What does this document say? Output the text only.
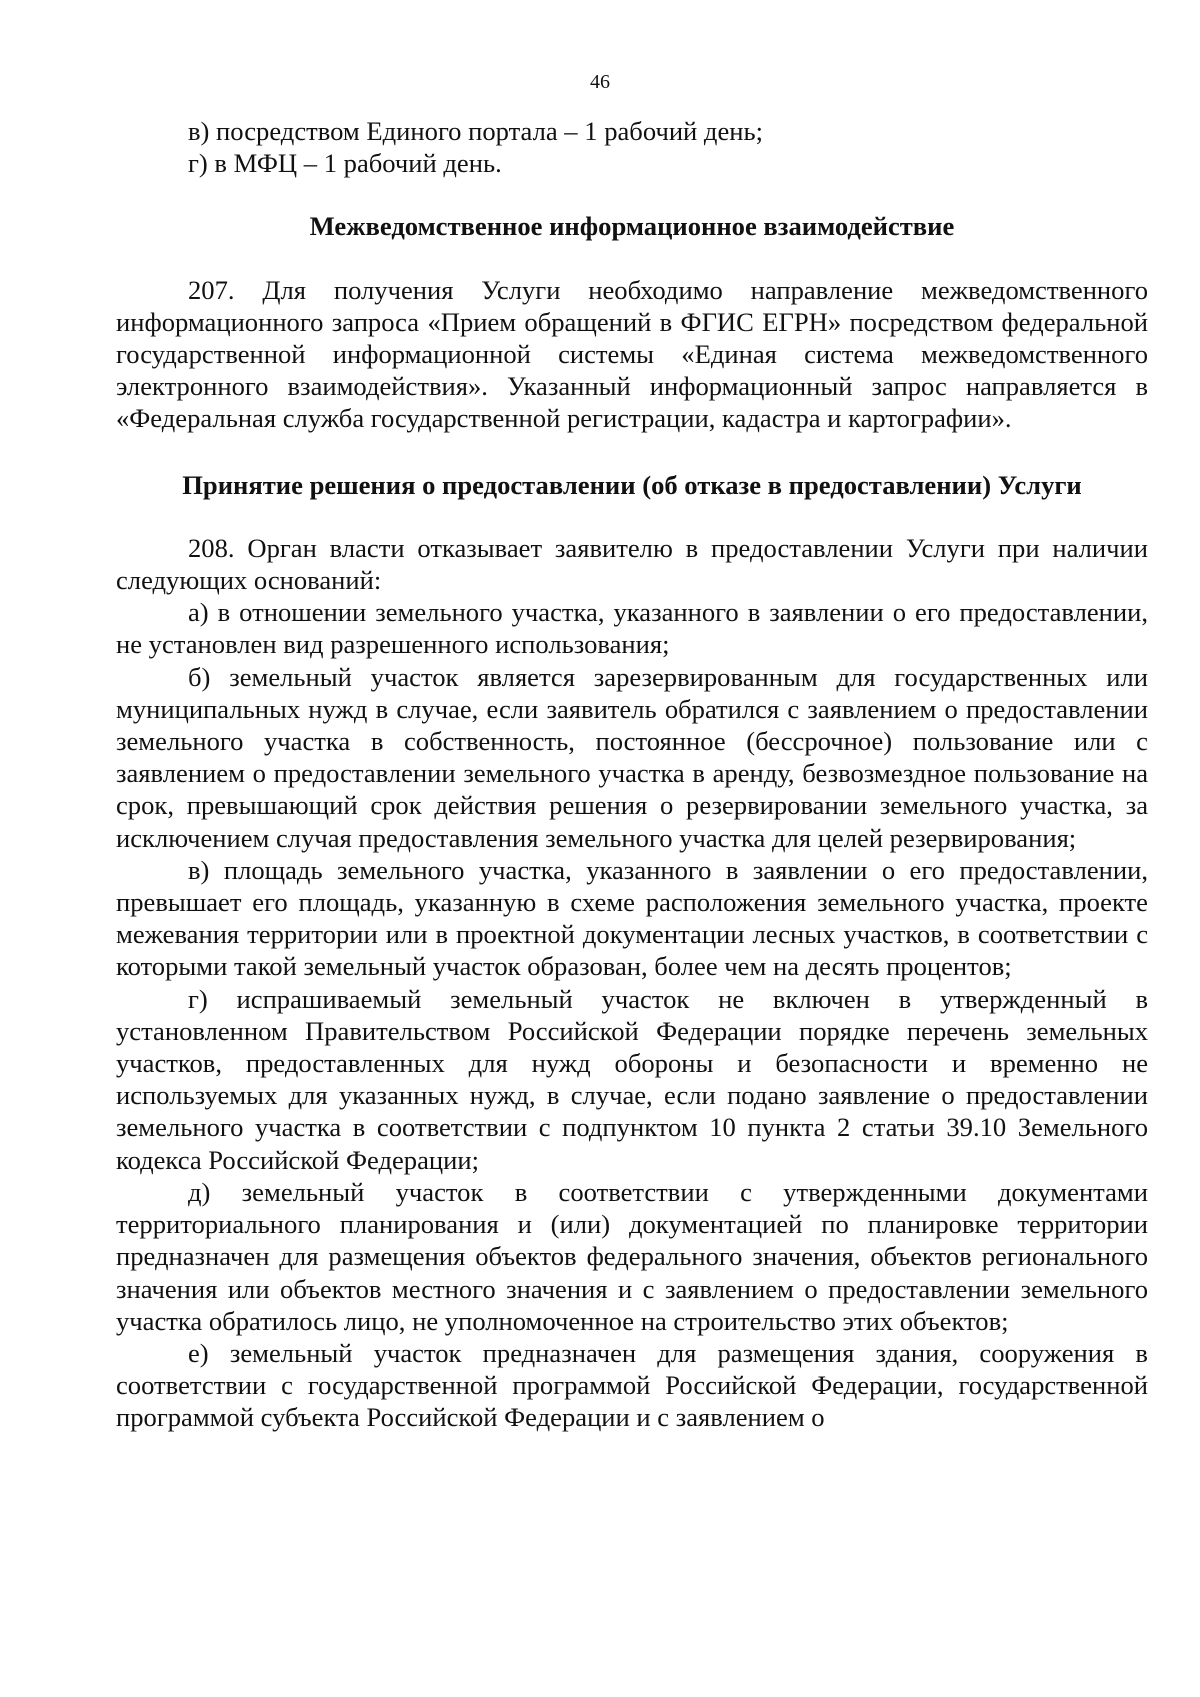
46

в) посредством Единого портала – 1 рабочий день;

г) в МФЦ – 1 рабочий день.

Межведомственное информационное взаимодействие

207. Для получения Услуги необходимо направление межведомственного информационного запроса «Прием обращений в ФГИС ЕГРН» посредством федеральной государственной информационной системы «Единая система межведомственного электронного взаимодействия». Указанный информационный запрос направляется в «Федеральная служба государственной регистрации, кадастра и картографии».

Принятие решения о предоставлении (об отказе в предоставлении) Услуги

208. Орган власти отказывает заявителю в предоставлении Услуги при наличии следующих оснований:

а) в отношении земельного участка, указанного в заявлении о его предоставлении, не установлен вид разрешенного использования;

б) земельный участок является зарезервированным для государственных или муниципальных нужд в случае, если заявитель обратился с заявлением о предоставлении земельного участка в собственность, постоянное (бессрочное) пользование или с заявлением о предоставлении земельного участка в аренду, безвозмездное пользование на срок, превышающий срок действия решения о резервировании земельного участка, за исключением случая предоставления земельного участка для целей резервирования;

в) площадь земельного участка, указанного в заявлении о его предоставлении, превышает его площадь, указанную в схеме расположения земельного участка, проекте межевания территории или в проектной документации лесных участков, в соответствии с которыми такой земельный участок образован, более чем на десять процентов;

г) испрашиваемый земельный участок не включен в утвержденный в установленном Правительством Российской Федерации порядке перечень земельных участков, предоставленных для нужд обороны и безопасности и временно не используемых для указанных нужд, в случае, если подано заявление о предоставлении земельного участка в соответствии с подпунктом 10 пункта 2 статьи 39.10 Земельного кодекса Российской Федерации;

д) земельный участок в соответствии с утвержденными документами территориального планирования и (или) документацией по планировке территории предназначен для размещения объектов федерального значения, объектов регионального значения или объектов местного значения и с заявлением о предоставлении земельного участка обратилось лицо, не уполномоченное на строительство этих объектов;

е) земельный участок предназначен для размещения здания, сооружения в соответствии с государственной программой Российской Федерации, государственной программой субъекта Российской Федерации и с заявлением о
